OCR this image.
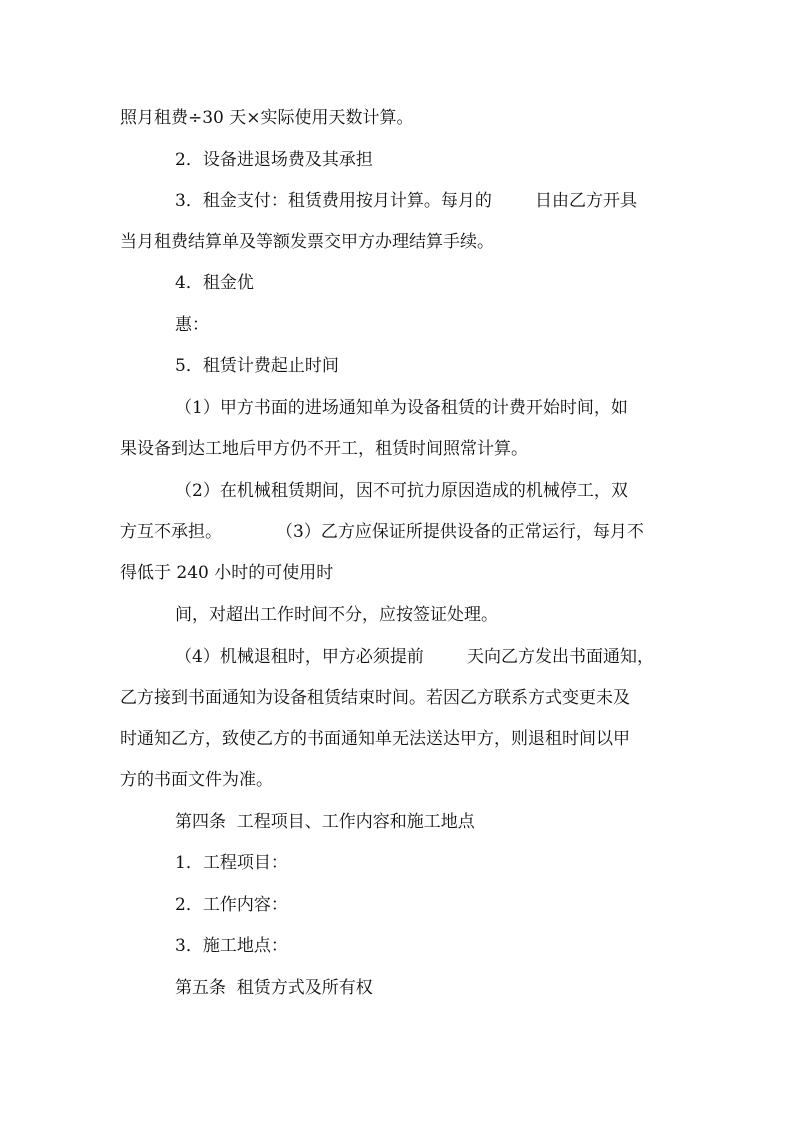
照月租费÷30 天×实际使用天数计算。

2．设备进退场费及其承担

3．租金支付：租赁费用按月计算。每月的        日由乙方开具

当月租费结算单及等额发票交甲方办理结算手续。

4．租金优

惠：

5．租赁计费起止时间

（1）甲方书面的进场通知单为设备租赁的计费开始时间，如

果设备到达工地后甲方仍不开工，租赁时间照常计算。

（2）在机械租赁期间，因不可抗力原因造成的机械停工，双

方互不承担。          （3）乙方应保证所提供设备的正常运行，每月不

得低于 240 小时的可使用时

间，对超出工作时间不分，应按签证处理。

（4）机械退租时，甲方必须提前        天向乙方发出书面通知，

乙方接到书面通知为设备租赁结束时间。若因乙方联系方式变更未及

时通知乙方，致使乙方的书面通知单无法送达甲方，则退租时间以甲

方的书面文件为准。

第四条  工程项目、工作内容和施工地点

1．工程项目：

2．工作内容：

3．施工地点：

第五条  租赁方式及所有权
